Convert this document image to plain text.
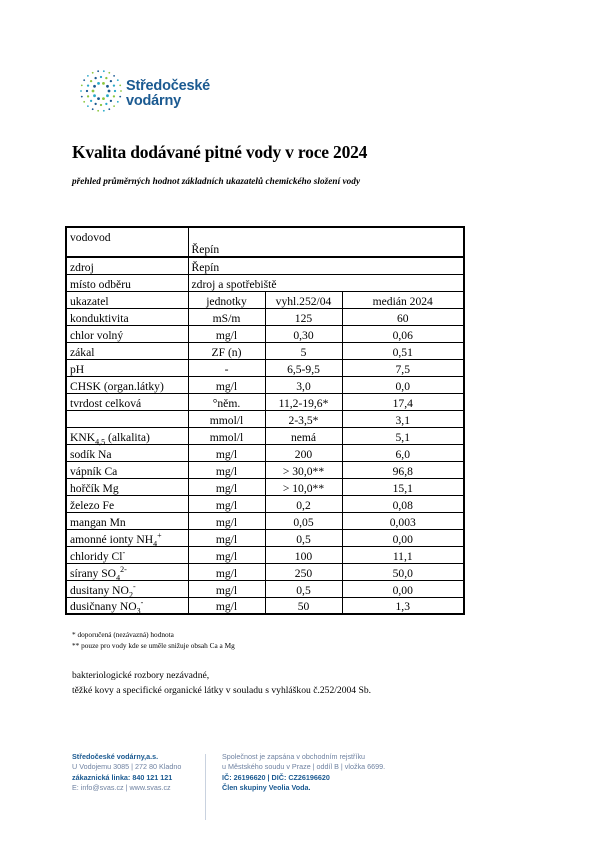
Středočeské
vodárny
Kvalita dodávané pitné vody v roce 2024
přehled průměrných hodnot základních ukazatelů chemického složení vody
vodovod	Řepín		
zdroj	Řepín		
místo odběru	zdroj a spotřebiště		
ukazatel	jednotky	vyhl.252/04	medián 2024
konduktivita	mS/m	125	60
chlor volný	mg/l	0,30	0,06
zákal	ZF (n)	5	0,51
pH	-	6,5-9,5	7,5
CHSK (organ.látky)	mg/l	3,0	0,0
tvrdost celková	°něm.	11,2-19,6*	17,4
	mmol/l	2-3,5*	3,1
$KNK_{4,5}$ (alkalita)	mmol/l	nemá	5,1
sodík Na	mg/l	200	6,0
vápník Ca	mg/l	> 30,0**	96,8
hořčík Mg	mg/l	> 10,0**	15,1
železo Fe	mg/l	0,2	0,08
mangan Mn	mg/l	0,05	0,003
amonné ionty $NH_4^+$	mg/l	0,5	0,00
chloridy Cl-	mg/l	100	11,1
sírany $SO_4^{2-}$	mg/l	250	50,0
dusitany $NO_2^-$	mg/l	0,5	0,00
dusičnany $NO_3^-$	mg/l	50	1,3
* doporučená (nezávazná) hodnota
** pouze pro vody kde se uměle snižuje obsah Ca a Mg
bakteriologické rozbory nezávadné,
těžké kovy a specifické organické látky v souladu s vyhláškou č.252/2004 Sb.
Středočeské vodárny,a.s.
U Vodojemu 3085 | 272 80 Kladno
zákaznická linka: 840 121 121
E: info@svas.cz | www.svas.cz
Společnost je zapsána v obchodním rejstříku
u Městského soudu v Praze | oddíl B | vložka 6699.
IČ: 26196620 | DIČ: CZ26196620
Člen skupiny Veolia Voda.
